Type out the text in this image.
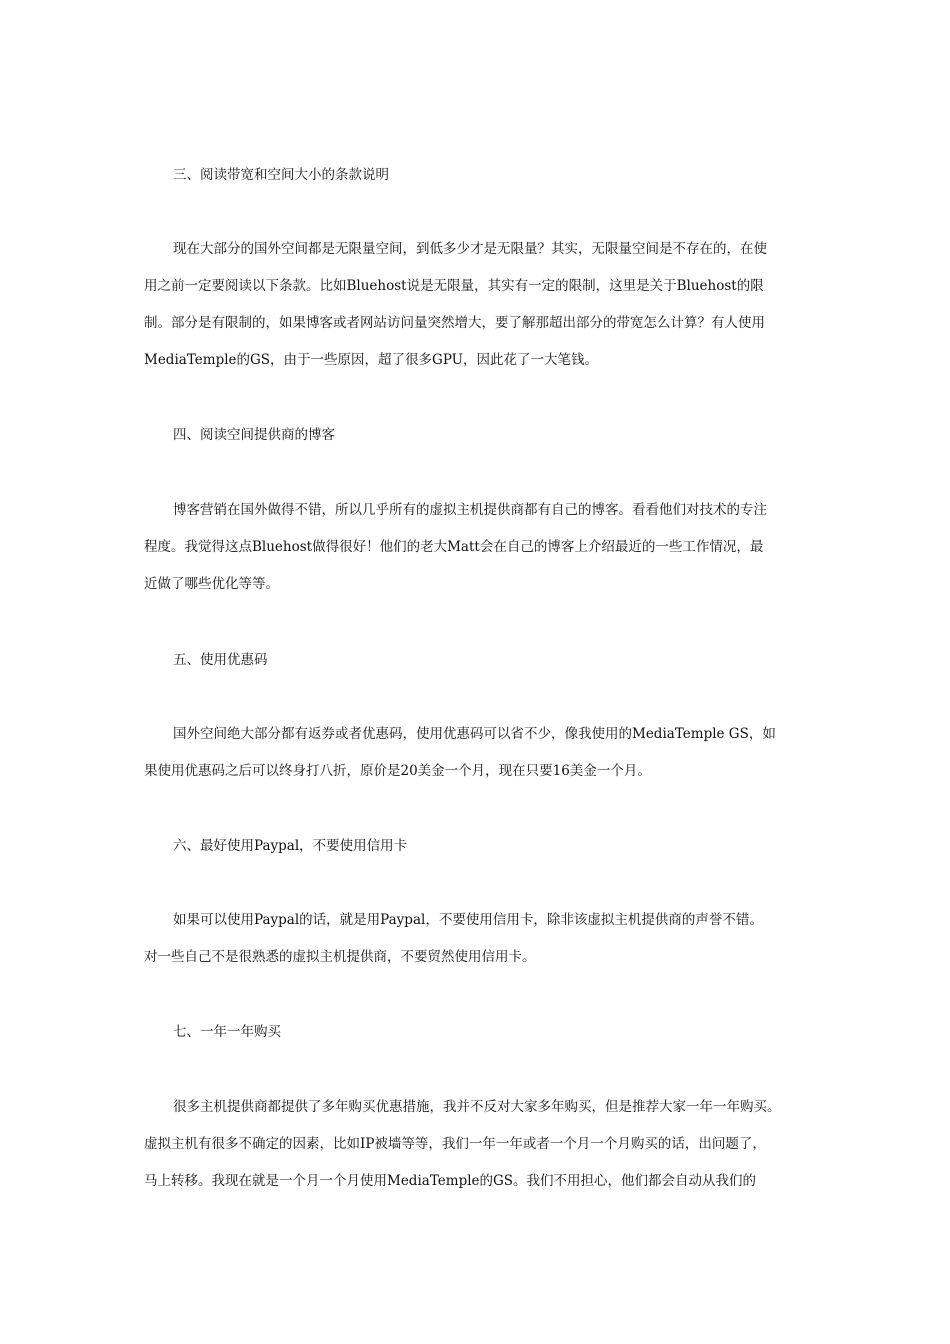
三、阅读带宽和空间大小的条款说明
现在大部分的国外空间都是无限量空间，到低多少才是无限量？其实，无限量空间是不存在的，在使
用之前一定要阅读以下条款。比如Bluehost说是无限量，其实有一定的限制，这里是关于Bluehost的限
制。部分是有限制的，如果博客或者网站访问量突然增大，要了解那超出部分的带宽怎么计算？有人使用
MediaTemple的GS，由于一些原因，超了很多GPU，因此花了一大笔钱。
四、阅读空间提供商的博客
博客营销在国外做得不错，所以几乎所有的虚拟主机提供商都有自己的博客。看看他们对技术的专注
程度。我觉得这点Bluehost做得很好！他们的老大Matt会在自己的博客上介绍最近的一些工作情况，最
近做了哪些优化等等。
五、使用优惠码
国外空间绝大部分都有返券或者优惠码，使用优惠码可以省不少，像我使用的MediaTemple GS，如
果使用优惠码之后可以终身打八折，原价是20美金一个月，现在只要16美金一个月。
六、最好使用Paypal，不要使用信用卡
如果可以使用Paypal的话，就是用Paypal，不要使用信用卡，除非该虚拟主机提供商的声誉不错。
对一些自己不是很熟悉的虚拟主机提供商，不要贸然使用信用卡。
七、一年一年购买
很多主机提供商都提供了多年购买优惠措施，我并不反对大家多年购买，但是推荐大家一年一年购买。
虚拟主机有很多不确定的因素，比如IP被墙等等，我们一年一年或者一个月一个月购买的话，出问题了，
马上转移。我现在就是一个月一个月使用MediaTemple的GS。我们不用担心，他们都会自动从我们的
